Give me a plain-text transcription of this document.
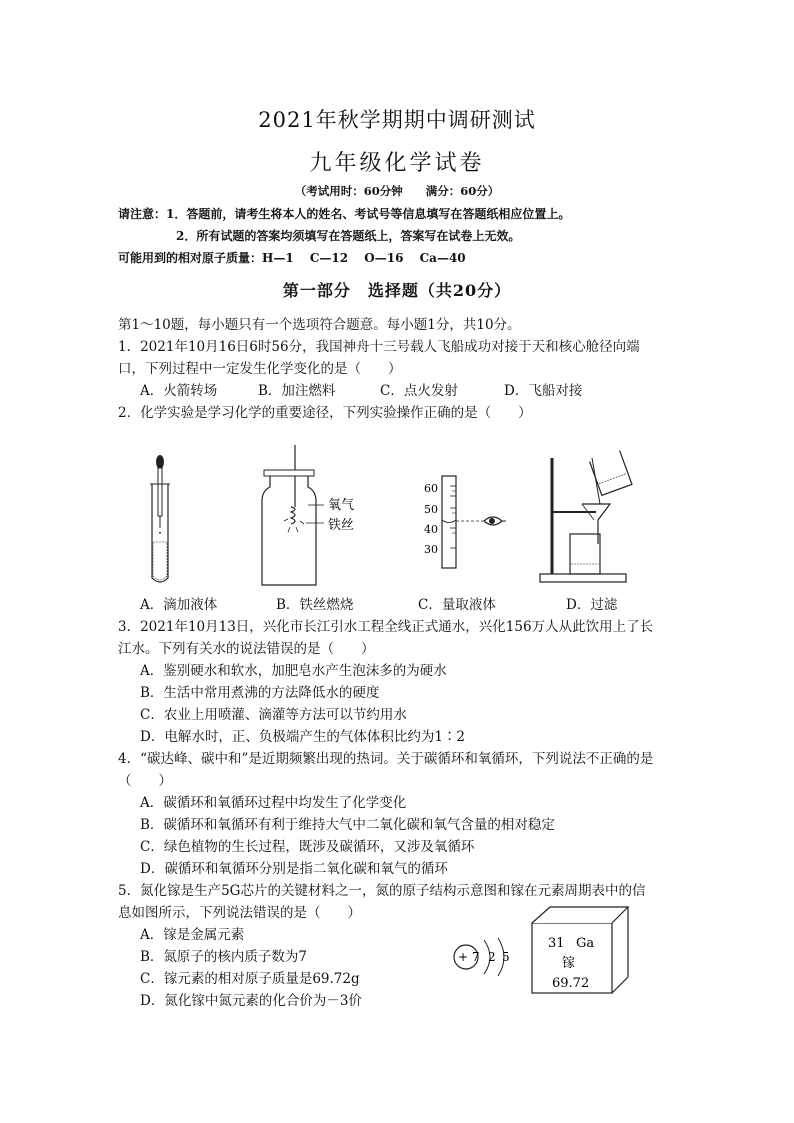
2021年秋学期期中调研测试
九年级化学试卷
（考试用时：60分钟　　满分：60分）
请注意：1．答题前，请考生将本人的姓名、考试号等信息填写在答题纸相应位置上。
2．所有试题的答案均须填写在答题纸上，答案写在试卷上无效。
可能用到的相对原子质量：H—1　 C—12　 O—16　 Ca—40
第一部分　选择题（共20分）
第1～10题，每小题只有一个选项符合题意。每小题1分，共10分。
1．2021年10月16日6时56分，我国神舟十三号载人飞船成功对接于天和核心舱径向端
口，下列过程中一定发生化学变化的是（　　）
A．火箭转场	B．加注燃料	C．点火发射	D．飞船对接
2．化学实验是学习化学的重要途径，下列实验操作正确的是（　　）
氧气
铁丝
60
50
40
30
A．滴加液体	B．铁丝燃烧	C．量取液体	D．过滤
3．2021年10月13日，兴化市长江引水工程全线正式通水，兴化156万人从此饮用上了长
江水。下列有关水的说法错误的是（　　）
A．鉴别硬水和软水，加肥皂水产生泡沫多的为硬水
B．生活中常用煮沸的方法降低水的硬度
C．农业上用喷灌、滴灌等方法可以节约用水
D．电解水时，正、负极端产生的气体体积比约为1∶2
4．“碳达峰、碳中和”是近期频繁出现的热词。关于碳循环和氧循环，下列说法不正确的是
（　　）
A．碳循环和氧循环过程中均发生了化学变化
B．碳循环和氧循环有利于维持大气中二氧化碳和氧气含量的相对稳定
C．绿色植物的生长过程，既涉及碳循环，又涉及氧循环
D．碳循环和氧循环分别是指二氧化碳和氧气的循环
5．氮化镓是生产5G芯片的关键材料之一，氮的原子结构示意图和镓在元素周期表中的信
息如图所示，下列说法错误的是（　　）
A．镓是金属元素
B．氮原子的核内质子数为7
C．镓元素的相对原子质量是69.72g
D．氮化镓中氮元素的化合价为－3价
+ 7 2 5
31 Ga
镓
69.72
